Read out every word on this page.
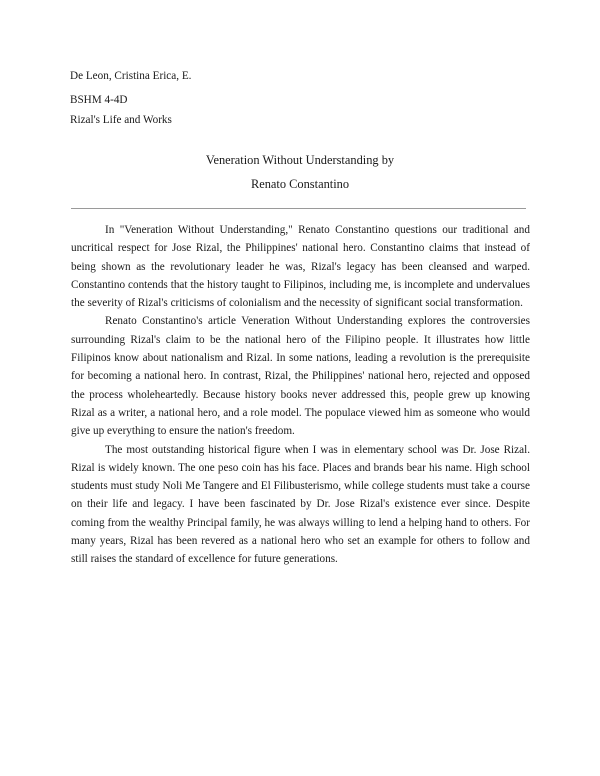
De Leon, Cristina Erica, E.
BSHM 4-4D
Rizal's Life and Works
Veneration Without Understanding by
Renato Constantino

In "Veneration Without Understanding," Renato Constantino questions our traditional and uncritical respect for Jose Rizal, the Philippines' national hero. Constantino claims that instead of being shown as the revolutionary leader he was, Rizal's legacy has been cleansed and warped. Constantino contends that the history taught to Filipinos, including me, is incomplete and undervalues the severity of Rizal's criticisms of colonialism and the necessity of significant social transformation.

Renato Constantino's article Veneration Without Understanding explores the controversies surrounding Rizal's claim to be the national hero of the Filipino people. It illustrates how little Filipinos know about nationalism and Rizal. In some nations, leading a revolution is the prerequisite for becoming a national hero. In contrast, Rizal, the Philippines' national hero, rejected and opposed the process wholeheartedly. Because history books never addressed this, people grew up knowing Rizal as a writer, a national hero, and a role model. The populace viewed him as someone who would give up everything to ensure the nation's freedom.

The most outstanding historical figure when I was in elementary school was Dr. Jose Rizal. Rizal is widely known. The one peso coin has his face. Places and brands bear his name. High school students must study Noli Me Tangere and El Filibusterismo, while college students must take a course on their life and legacy. I have been fascinated by Dr. Jose Rizal's existence ever since. Despite coming from the wealthy Principal family, he was always willing to lend a helping hand to others. For many years, Rizal has been revered as a national hero who set an example for others to follow and still raises the standard of excellence for future generations.
